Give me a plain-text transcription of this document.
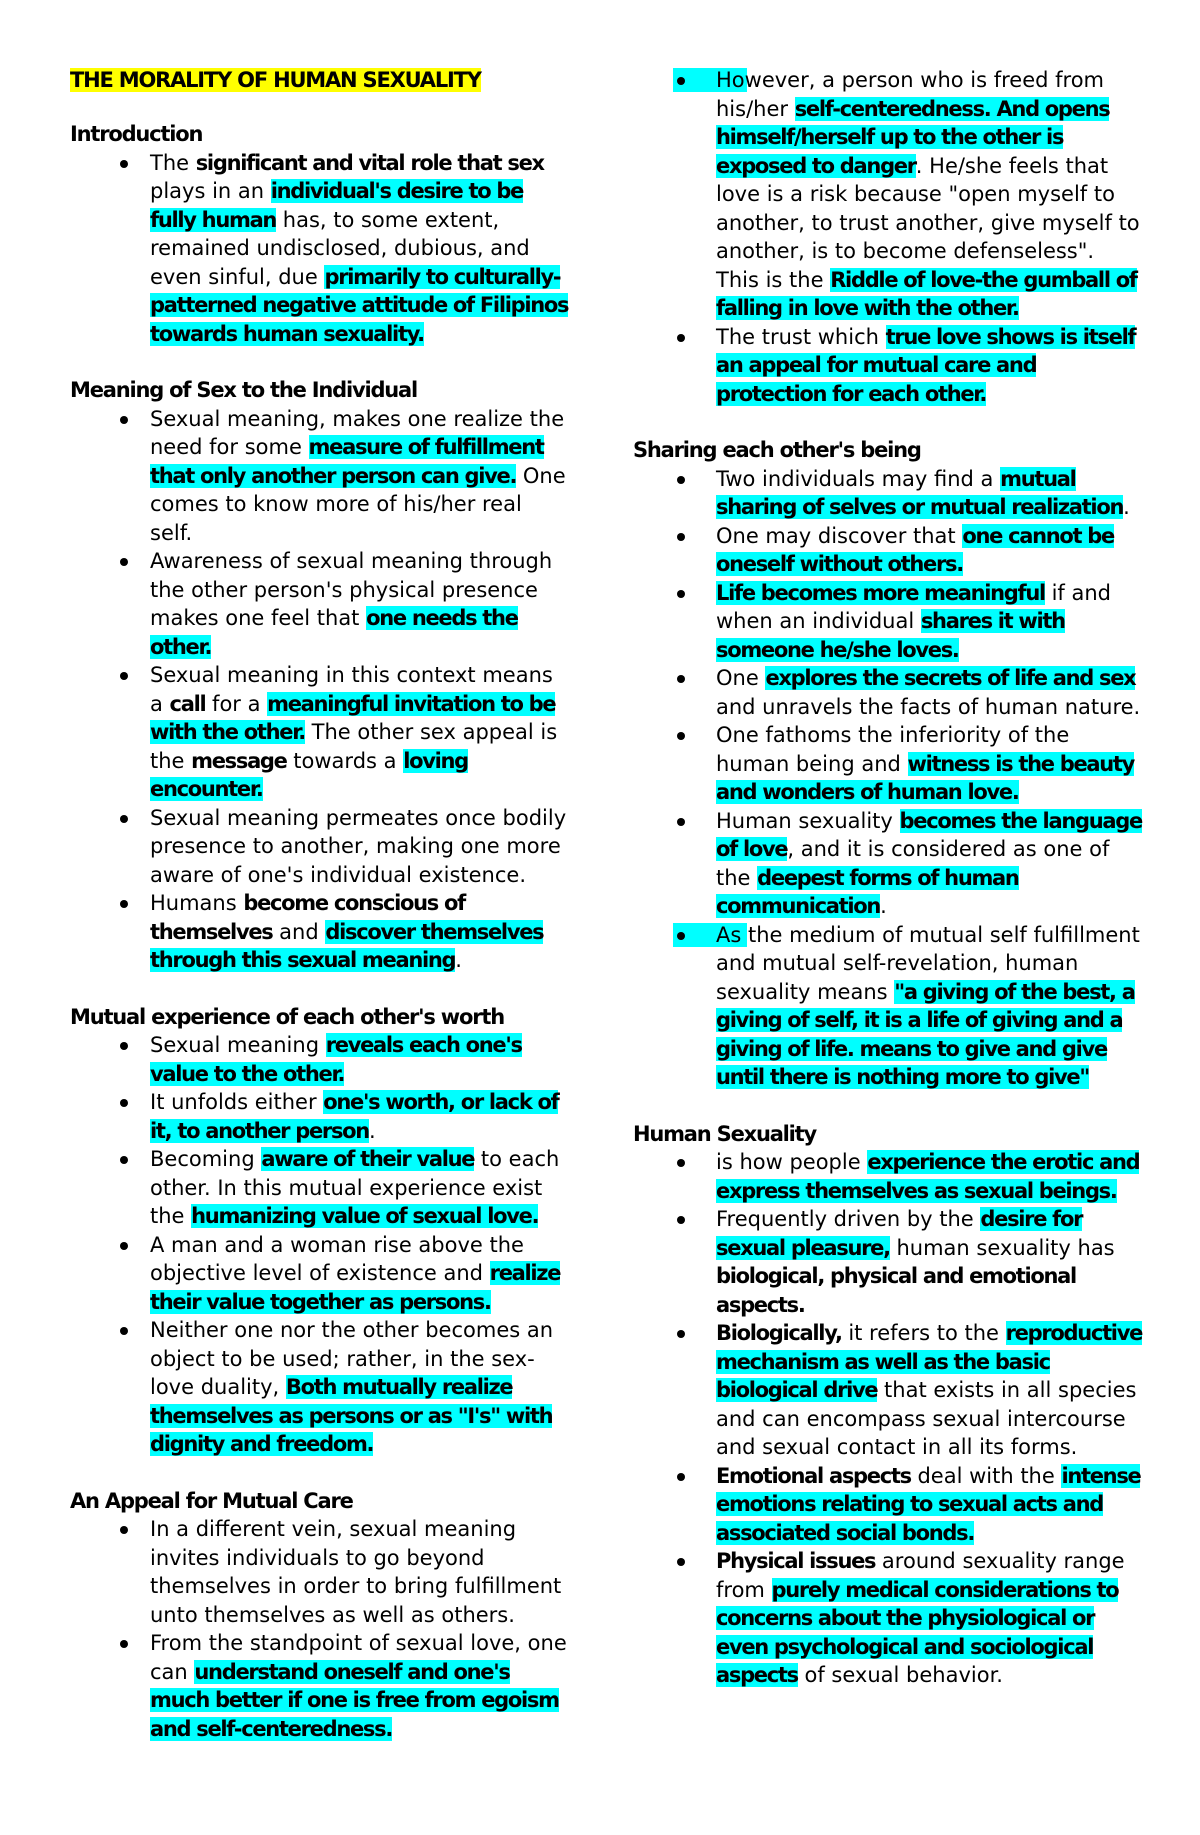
THE MORALITY OF HUMAN SEXUALITY
Introduction
The significant and vital role that sex plays in an individual's desire to be fully human has, to some extent, remained undisclosed, dubious, and even sinful, due primarily to culturally-patterned negative attitude of Filipinos towards human sexuality.
Meaning of Sex to the Individual
Sexual meaning, makes one realize the need for some measure of fulfillment that only another person can give. One comes to know more of his/her real self.
Awareness of sexual meaning through the other person's physical presence makes one feel that one needs the other.
Sexual meaning in this context means a call for a meaningful invitation to be with the other. The other sex appeal is the message towards a loving encounter.
Sexual meaning permeates once bodily presence to another, making one more aware of one's individual existence.
Humans become conscious of themselves and discover themselves through this sexual meaning.
Mutual experience of each other's worth
Sexual meaning reveals each one's value to the other.
It unfolds either one's worth, or lack of it, to another person.
Becoming aware of their value to each other. In this mutual experience exist the humanizing value of sexual love.
A man and a woman rise above the objective level of existence and realize their value together as persons.
Neither one nor the other becomes an object to be used; rather, in the sex-love duality, Both mutually realize themselves as persons or as "I's" with dignity and freedom.
An Appeal for Mutual Care
In a different vein, sexual meaning invites individuals to go beyond themselves in order to bring fulfillment unto themselves as well as others.
From the standpoint of sexual love, one can understand oneself and one's much better if one is free from egoism and self-centeredness.
However, a person who is freed from his/her self-centeredness. And opens himself/herself up to the other is exposed to danger. He/she feels that love is a risk because "open myself to another, to trust another, give myself to another, is to become defenseless". This is the Riddle of love-the gumball of falling in love with the other.
The trust which true love shows is itself an appeal for mutual care and protection for each other.
Sharing each other's being
Two individuals may find a mutual sharing of selves or mutual realization.
One may discover that one cannot be oneself without others.
Life becomes more meaningful if and when an individual shares it with someone he/she loves.
One explores the secrets of life and sex and unravels the facts of human nature.
One fathoms the inferiority of the human being and witness is the beauty and wonders of human love.
Human sexuality becomes the language of love, and it is considered as one of the deepest forms of human communication.
As the medium of mutual self fulfillment and mutual self-revelation, human sexuality means "a giving of the best, a giving of self, it is a life of giving and a giving of life. means to give and give until there is nothing more to give"
Human Sexuality
is how people experience the erotic and express themselves as sexual beings.
Frequently driven by the desire for sexual pleasure, human sexuality has biological, physical and emotional aspects.
Biologically, it refers to the reproductive mechanism as well as the basic biological drive that exists in all species and can encompass sexual intercourse and sexual contact in all its forms.
Emotional aspects deal with the intense emotions relating to sexual acts and associated social bonds.
Physical issues around sexuality range from purely medical considerations to concerns about the physiological or even psychological and sociological aspects of sexual behavior.
